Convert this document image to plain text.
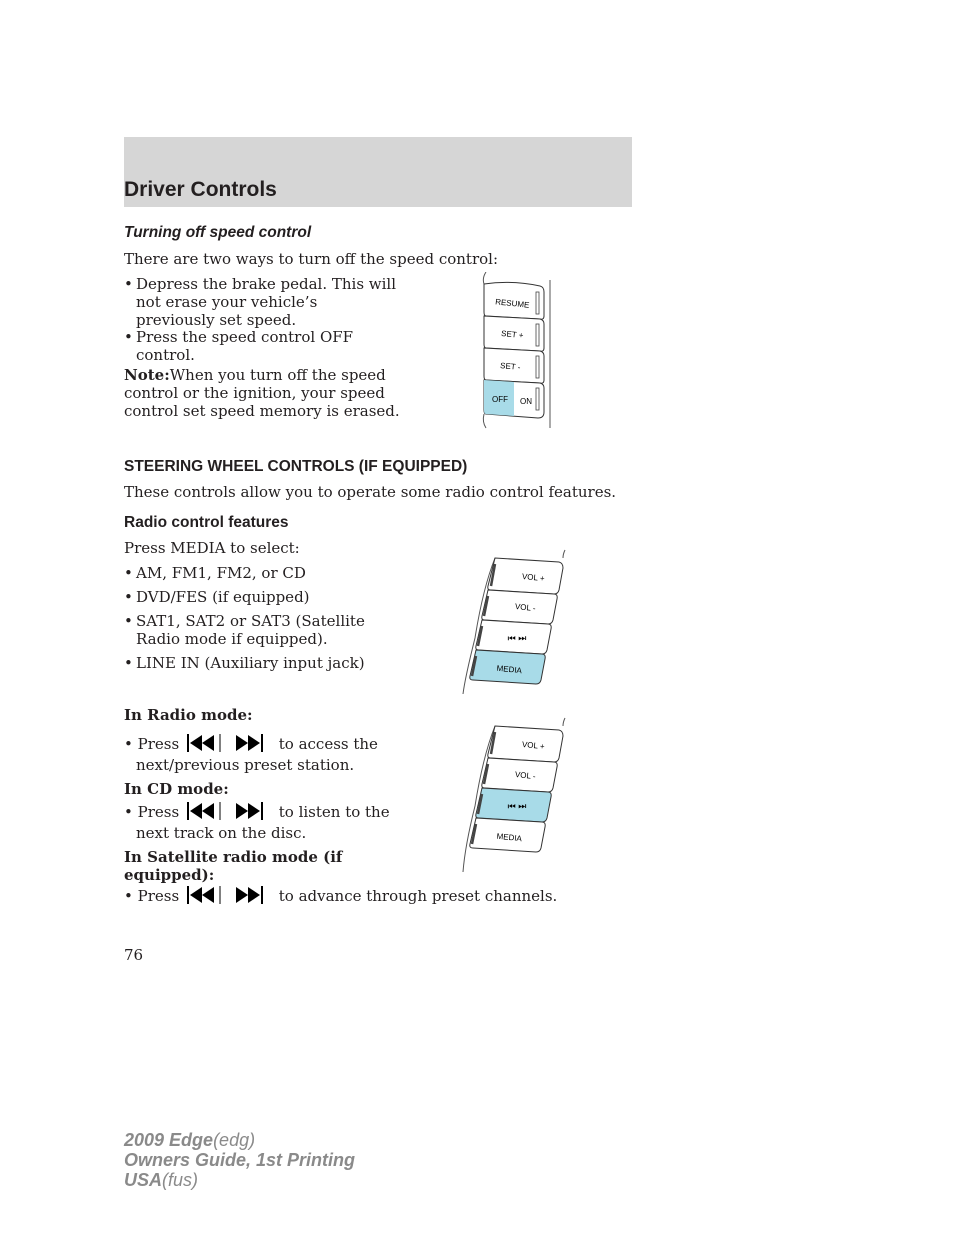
Driver Controls
Turning off speed control
There are two ways to turn off the speed control:
• Depress the brake pedal. This will
not erase your vehicle’s
previously set speed.
• Press the speed control OFF
control.
Note:When you turn off the speed
control or the ignition, your speed
control set speed memory is erased.
RESUME
SET +
SET -
OFF ON
STEERING WHEEL CONTROLS (IF EQUIPPED)
These controls allow you to operate some radio control features.
Radio control features
Press MEDIA to select:
• AM, FM1, FM2, or CD
• DVD/FES (if equipped)
• SAT1, SAT2 or SAT3 (Satellite
Radio mode if equipped).
• LINE IN (Auxiliary input jack)
VOL +
VOL -
⏮ ⏭
MEDIA
In Radio mode:
• Press	to access the
next/previous preset station.
In CD mode:
• Press	to listen to the
next track on the disc.
In Satellite radio mode (if
equipped):
• Press	to advance through preset channels.
VOL +
VOL -
⏮ ⏭
MEDIA
76
2009 Edge(edg)
Owners Guide, 1st Printing
USA(fus)
